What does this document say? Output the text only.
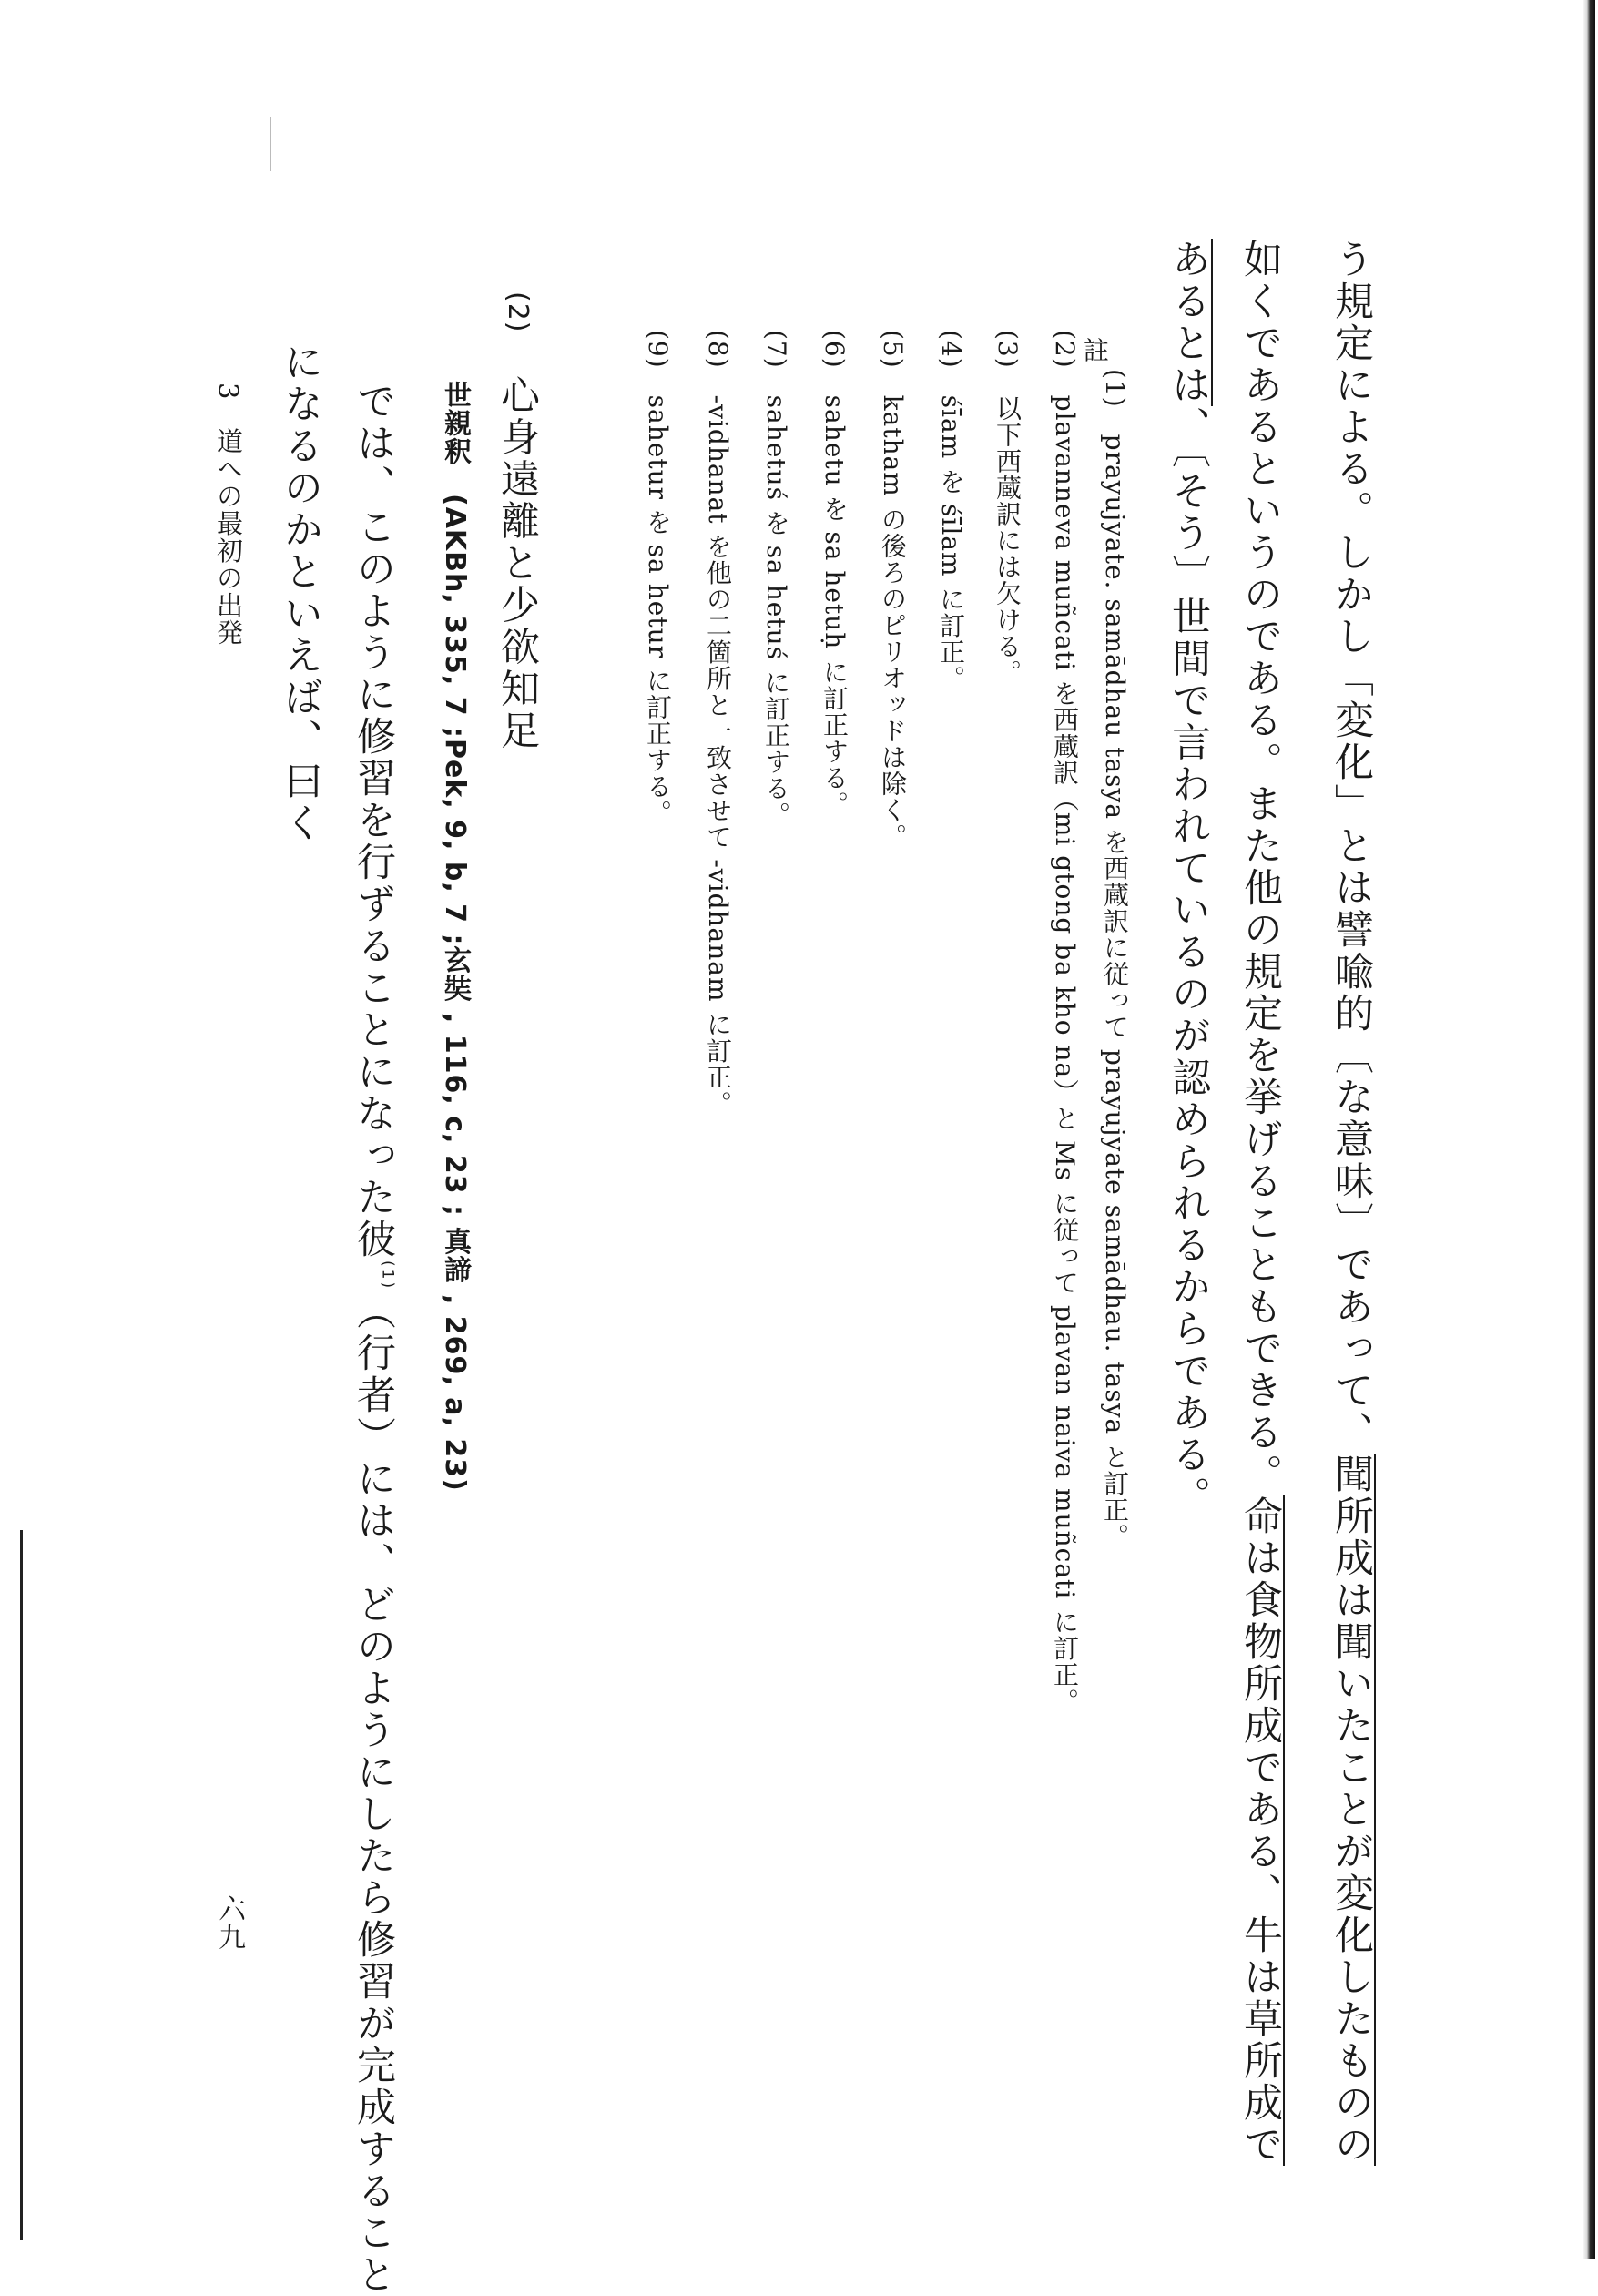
う規定による。しかし「変化」とは譬喩的〔な意味〕であって、聞所成は聞いたことが変化したものの
如くであるというのである。また他の規定を挙げることもできる。命は食物所成である、牛は草所成で
あるとは、〔そう〕世間で言われているのが認められるからである。
註
(1)　prayujyate. samādhau tasya を西蔵訳に従って prayujyate samādhau. tasya と訂正。
(2)　plavanneva muñcati を西蔵訳（mi gtong ba kho na）と Ms に従って plavan naiva muñcati に訂正。
(3)　以下西蔵訳には欠ける。
(4)　śīam を śīlam に訂正。
(5)　katham の後ろのピリオッドは除く。
(6)　sahetu を sa hetuḥ に訂正する。
(7)　sahetuś を sa hetuś に訂正する。
(8)　-vidhanat を他の二箇所と一致させて -vidhanam に訂正。
(9)　sahetur を sa hetur に訂正する。
(2)　心身遠離と少欲知足
世親釈　(AKBh, 335, 7 ;Pek, 9, b, 7 ;玄奘 , 116, c, 23 ; 真諦 , 269, a, 23)
では、このように修習を行ずることになった彼$^{(1)}$（行者）には、どのようにしたら修習が完成すること
になるのかといえば、曰く
3　道への最初の出発
六九
